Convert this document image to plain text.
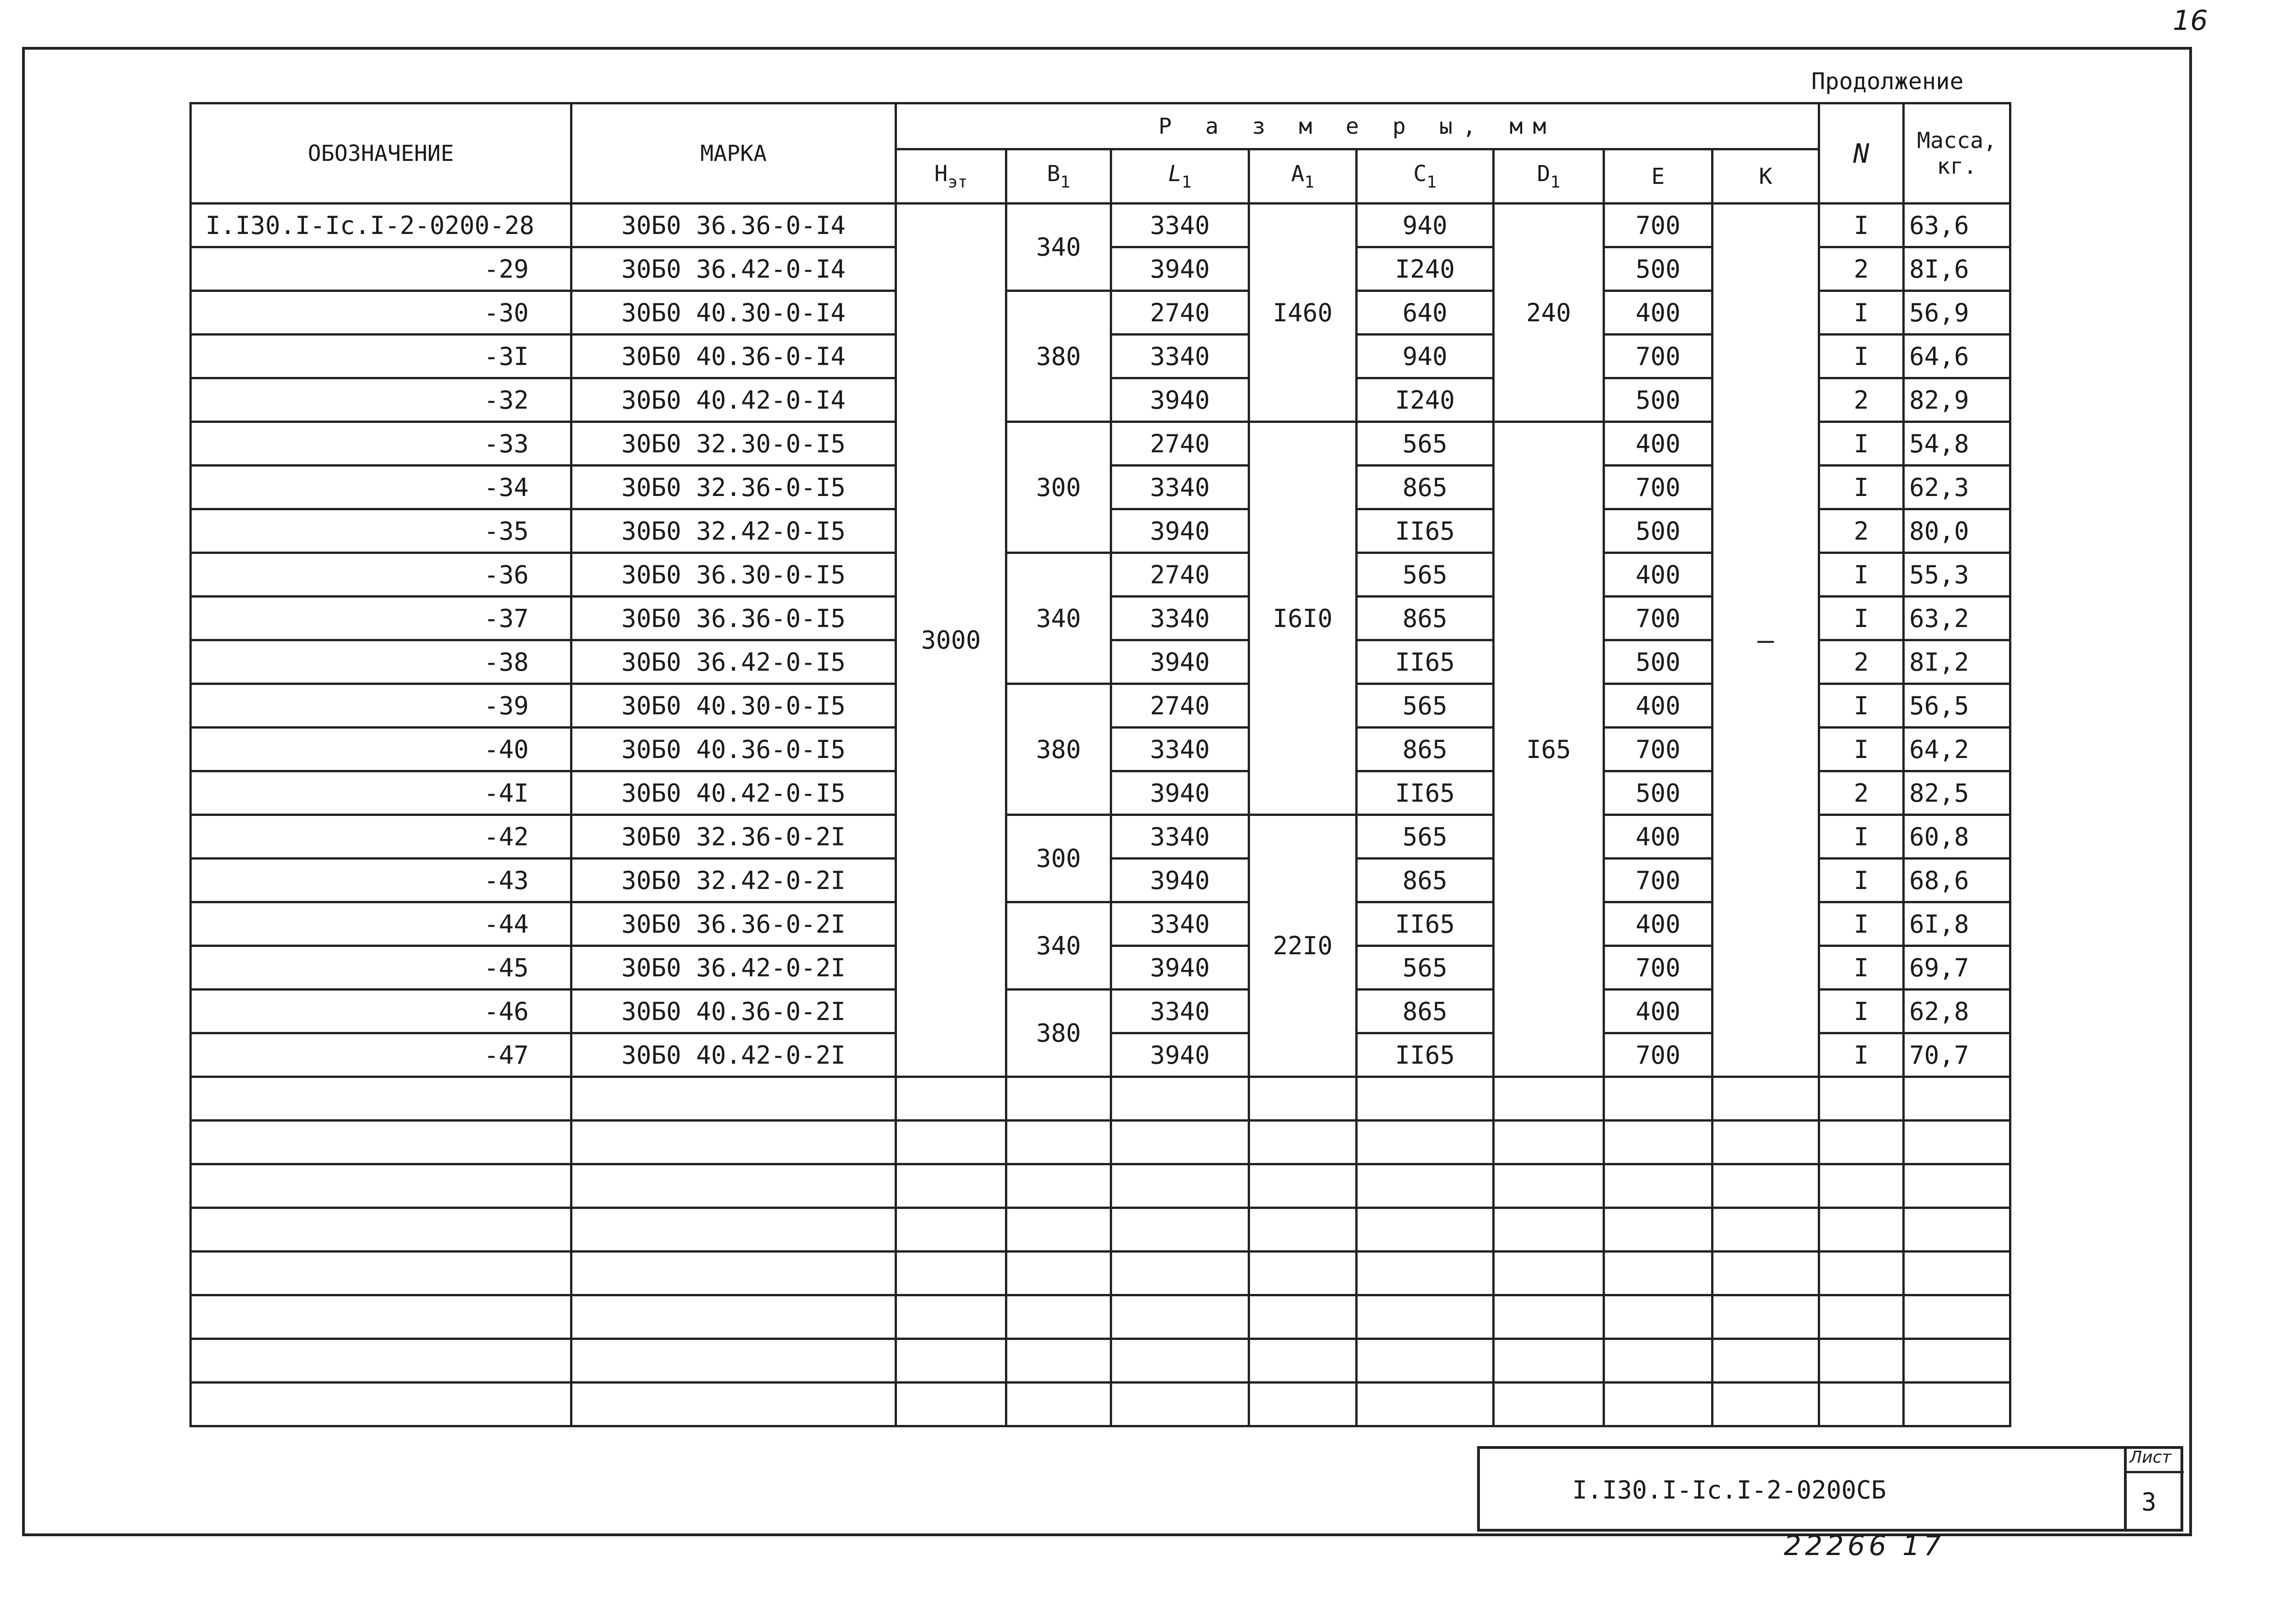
16
Продолжение
ОБОЗНАЧЕНИЕ	МАРКА	Р а з м е р ы, мм								N	Масса,
кг.
		$H_{эт}$	$B_1$	$L_1$	$A_1$	$C_1$	$D_1$	E	K		
I.I30.I-Ic.I-2-0200-28	30Б0 36.36-0-I4	3000	340	3340	I460	940	240	700	–	I	63,6
-29	30Б0 36.42-0-I4			3940		I240		500		2	8I,6
-30	30Б0 40.30-0-I4		380	2740		640		400		I	56,9
-3I	30Б0 40.36-0-I4			3340		940		700		I	64,6
-32	30Б0 40.42-0-I4			3940		I240		500		2	82,9
-33	30Б0 32.30-0-I5		300	2740	I6I0	565	I65	400		I	54,8
-34	30Б0 32.36-0-I5			3340		865		700		I	62,3
-35	30Б0 32.42-0-I5			3940		II65		500		2	80,0
-36	30Б0 36.30-0-I5		340	2740		565		400		I	55,3
-37	30Б0 36.36-0-I5			3340		865		700		I	63,2
-38	30Б0 36.42-0-I5			3940		II65		500		2	8I,2
-39	30Б0 40.30-0-I5		380	2740		565		400		I	56,5
-40	30Б0 40.36-0-I5			3340		865		700		I	64,2
-4I	30Б0 40.42-0-I5			3940		II65		500		2	82,5
-42	30Б0 32.36-0-2I		300	3340	22I0	565		400		I	60,8
-43	30Б0 32.42-0-2I			3940		865		700		I	68,6
-44	30Б0 36.36-0-2I		340	3340		II65		400		I	6I,8
-45	30Б0 36.42-0-2I			3940		565		700		I	69,7
-46	30Б0 40.36-0-2I		380	3340		865		400		I	62,8
-47	30Б0 40.42-0-2I			3940		II65		700		I	70,7

I.I30.I-Ic.I-2-0200СБ
Лист
3
22266 17
